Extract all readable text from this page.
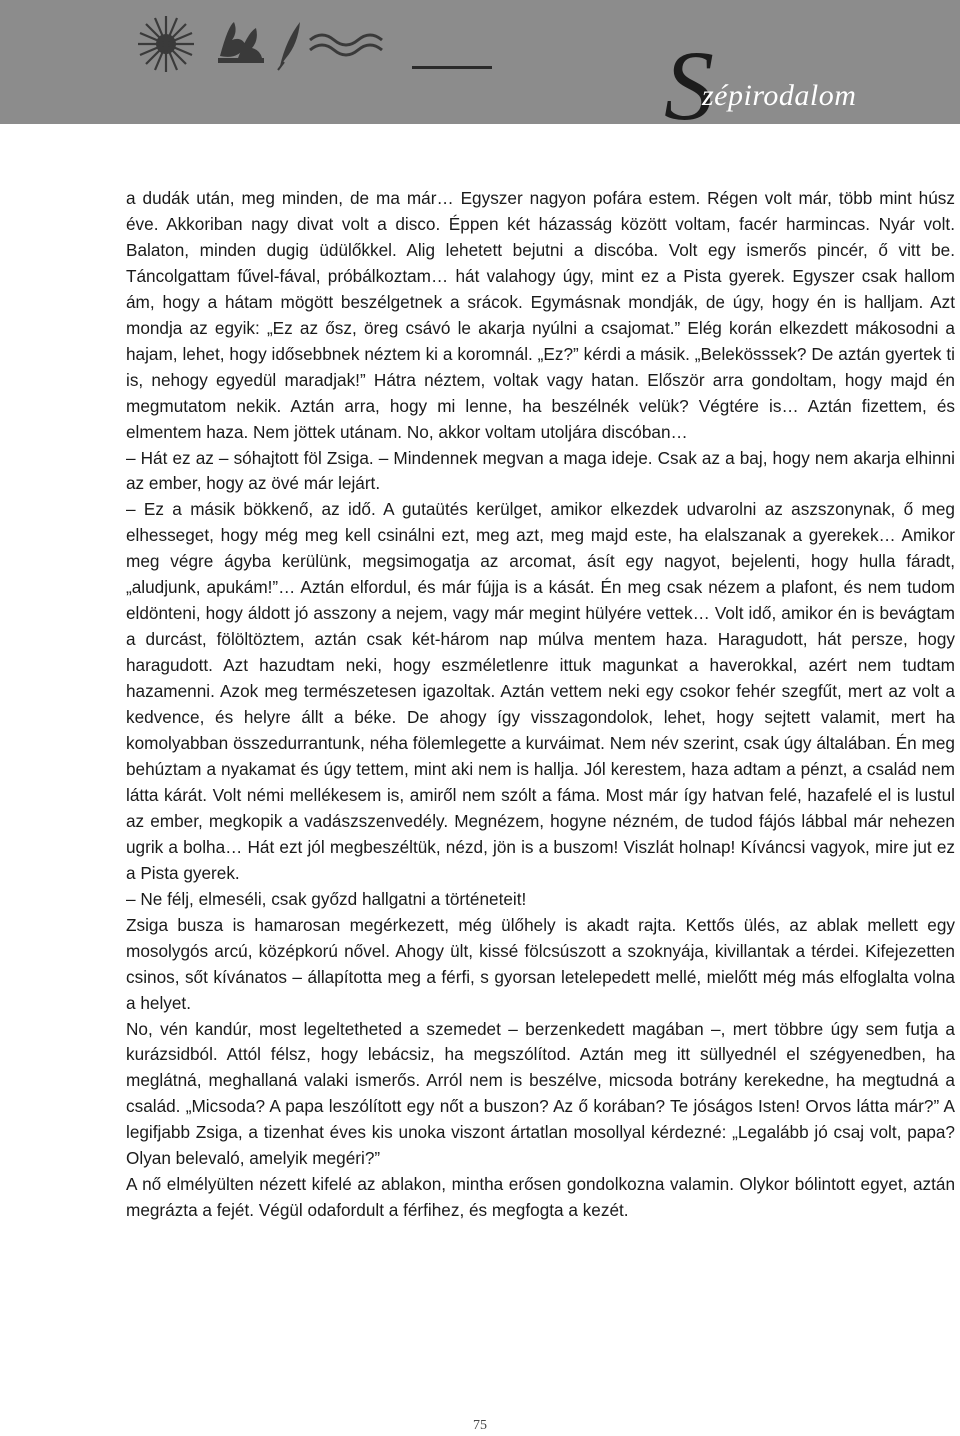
S
zépirodalom

a dudák után, meg minden, de ma már… Egyszer nagyon pofára estem. Régen volt már, több mint húsz éve. Akkoriban nagy divat volt a disco. Éppen két házasság között voltam, facér harmincas. Nyár volt. Balaton, minden dugig üdülőkkel. Alig lehetett bejutni a discóba. Volt egy ismerős pincér, ő vitt be. Táncolgattam fűvel-fával, próbálkoztam… hát valahogy úgy, mint ez a Pista gyerek. Egyszer csak hallom ám, hogy a hátam mögött beszélgetnek a srácok. Egymásnak mondják, de úgy, hogy én is halljam. Azt mondja az egyik: „Ez az ősz, öreg csávó le akarja nyúlni a csajomat.” Elég korán elkezdett mákosodni a hajam, lehet, hogy idősebbnek néztem ki a koromnál. „Ez?” kérdi a másik. „Belekösssek? De aztán gyertek ti is, nehogy egyedül maradjak!” Hátra néztem, voltak vagy hatan. Először arra gondoltam, hogy majd én megmutatom nekik. Aztán arra, hogy mi lenne, ha beszélnék velük? Végtére is… Aztán fizettem, és elmentem haza. Nem jöttek utánam. No, akkor voltam utoljára discóban…

– Hát ez az – sóhajtott föl Zsiga. – Mindennek megvan a maga ideje. Csak az a baj, hogy nem akarja elhinni az ember, hogy az övé már lejárt.

– Ez a másik bökkenő, az idő. A gutaütés kerülget, amikor elkezdek udvarolni az aszszonynak, ő meg elhesseget, hogy még meg kell csinálni ezt, meg azt, meg majd este, ha elalszanak a gyerekek… Amikor meg végre ágyba kerülünk, megsimogatja az arcomat, ásít egy nagyot, bejelenti, hogy hulla fáradt, „aludjunk, apukám!”… Aztán elfordul, és már fújja is a kását. Én meg csak nézem a plafont, és nem tudom eldönteni, hogy áldott jó asszony a nejem, vagy már megint hülyére vettek… Volt idő, amikor én is bevágtam a durcást, fölöltöztem, aztán csak két-három nap múlva mentem haza. Haragudott, hát persze, hogy haragudott. Azt hazudtam neki, hogy eszméletlenre ittuk magunkat a haverokkal, azért nem tudtam hazamenni. Azok meg természetesen igazoltak. Aztán vettem neki egy csokor fehér szegfűt, mert az volt a kedvence, és helyre állt a béke. De ahogy így visszagondolok, lehet, hogy sejtett valamit, mert ha komolyabban összedurrantunk, néha fölemlegette a kurváimat. Nem név szerint, csak úgy általában. Én meg behúztam a nyakamat és úgy tettem, mint aki nem is hallja. Jól kerestem, haza adtam a pénzt, a család nem látta kárát. Volt némi mellékesem is, amiről nem szólt a fáma. Most már így hatvan felé, hazafelé el is lustul az ember, megkopik a vadászszenvedély. Megnézem, hogyne nézném, de tudod fájós lábbal már nehezen ugrik a bolha… Hát ezt jól megbeszéltük, nézd, jön is a buszom! Viszlát holnap! Kíváncsi vagyok, mire jut ez a Pista gyerek.

– Ne félj, elmeséli, csak győzd hallgatni a történeteit!

Zsiga busza is hamarosan megérkezett, még ülőhely is akadt rajta. Kettős ülés, az ablak mellett egy mosolygós arcú, középkorú nővel. Ahogy ült, kissé fölcsúszott a szoknyája, kivillantak a térdei. Kifejezetten csinos, sőt kívánatos – állapította meg a férfi, s gyorsan letelepedett mellé, mielőtt még más elfoglalta volna a helyet.

No, vén kandúr, most legeltetheted a szemedet – berzenkedett magában –, mert többre úgy sem futja a kurázsidból. Attól félsz, hogy lebácsiz, ha megszólítod. Aztán meg itt süllyednél el szégyenedben, ha meglátná, meghallaná valaki ismerős. Arról nem is beszélve, micsoda botrány kerekedne, ha megtudná a család. „Micsoda? A papa leszólított egy nőt a buszon? Az ő korában? Te jóságos Isten! Orvos látta már?” A legifjabb Zsiga, a tizenhat éves kis unoka viszont ártatlan mosollyal kérdezné: „Legalább jó csaj volt, papa? Olyan belevaló, amelyik megéri?”

A nő elmélyülten nézett kifelé az ablakon, mintha erősen gondolkozna valamin. Olykor bólintott egyet, aztán megrázta a fejét. Végül odafordult a férfihez, és megfogta a kezét.

75
